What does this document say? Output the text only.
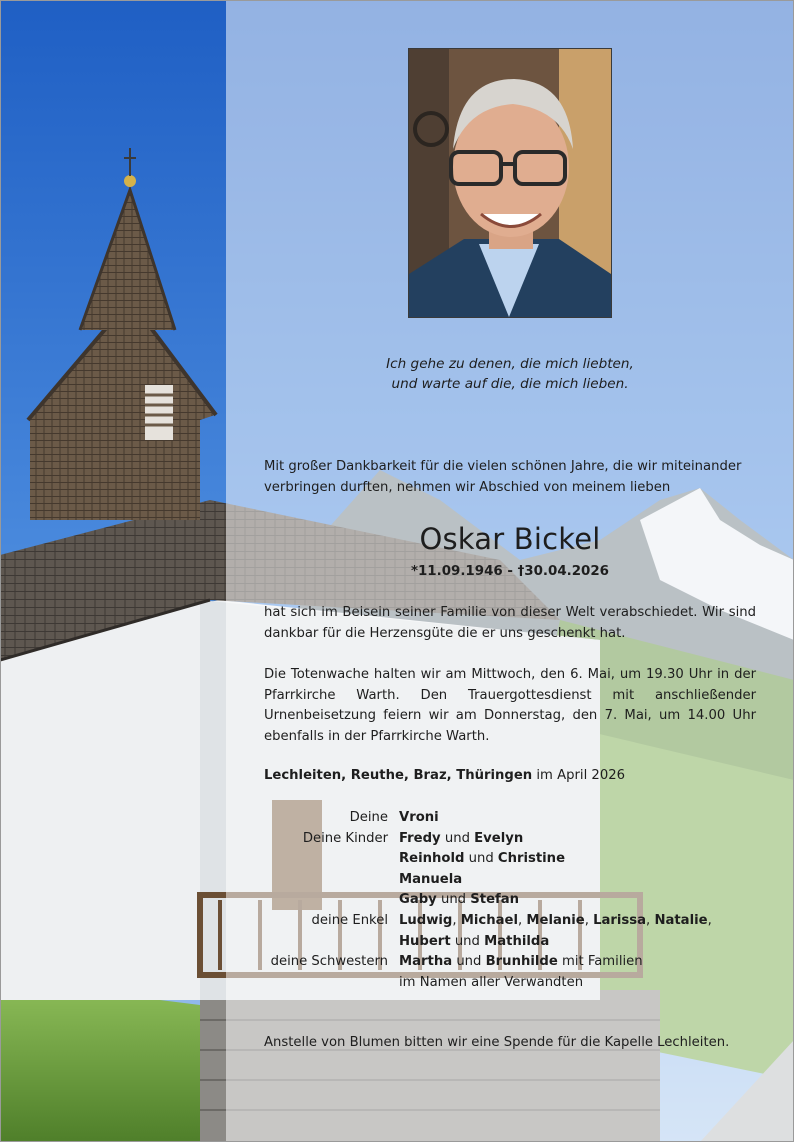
Ich gehe zu denen, die mich liebten,
und warte auf die, die mich lieben.
Mit großer Dankbarkeit für die vielen schönen Jahre, die wir miteinander
verbringen durften, nehmen wir Abschied von meinem lieben
Oskar Bickel
*11.09.1946 - †30.04.2026
hat sich im Beisein seiner Familie von dieser Welt verabschiedet. Wir sind dankbar für die Herzensgüte die er uns geschenkt hat.
Die Totenwache halten wir am Mittwoch, den 6. Mai, um 19.30 Uhr in der Pfarrkirche Warth. Den Trauergottesdienst mit anschließender Urnenbeisetzung feiern wir am Donnerstag, den 7. Mai, um 14.00 Uhr ebenfalls in der Pfarrkirche Warth.
Lechleiten, Reuthe, Braz, Thüringen im April 2026
Deine
Deine Kinder
deine Enkel
deine Schwestern
Vroni
Fredy und Evelyn
Reinhold und Christine
Manuela
Gaby und Stefan
Ludwig, Michael, Melanie, Larissa, Natalie,
Hubert und Mathilda
Martha und Brunhilde mit Familien
im Namen aller Verwandten
Anstelle von Blumen bitten wir eine Spende für die Kapelle Lechleiten.
